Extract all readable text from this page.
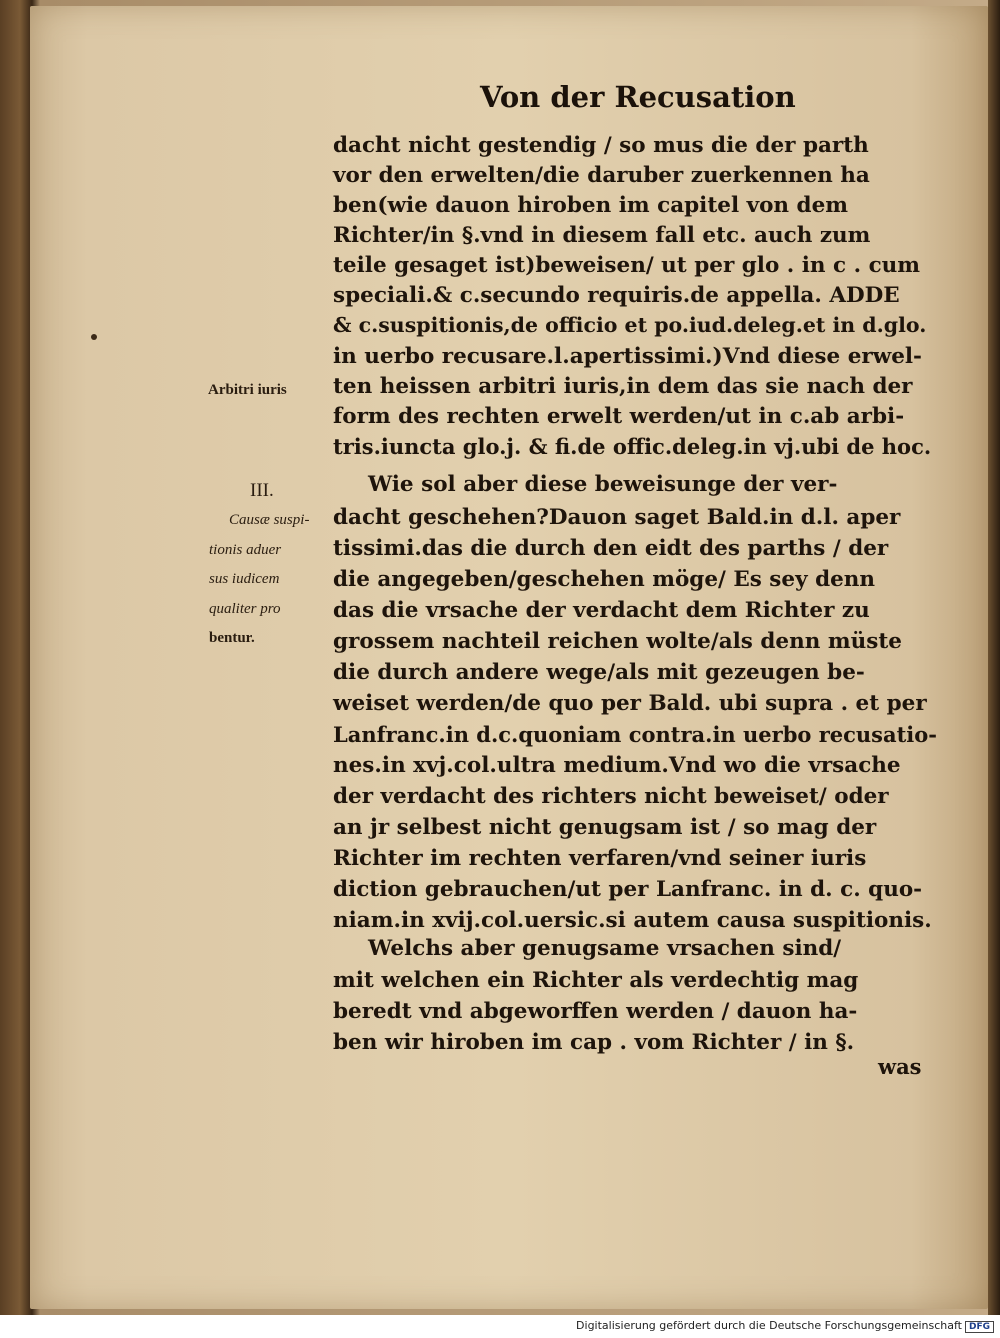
Von der Recusation
Arbitri iuris
III.
Causæ suspi-
tionis aduer
sus iudicem
qualiter pro
bentur.
dacht nicht gestendig / so mus die der parth
vor den erwelten/die daruber zuerkennen ha
ben(wie dauon hiroben im capitel von dem
Richter/in §.vnd in diesem fall etc. auch zum
teile gesaget ist)beweisen/ ut per glo . in c . cum
speciali.& c.secundo requiris.de appella. ADDE
& c.suspitionis,de officio et po.iud.deleg.et in d.glo.
in uerbo recusare.l.apertissimi.)Vnd diese erwel-
ten heissen arbitri iuris,in dem das sie nach der
form des rechten erwelt werden/ut in c.ab arbi-
tris.iuncta glo.j. & fi.de offic.deleg.in vj.ubi de hoc.
Wie sol aber diese beweisunge der ver-
dacht geschehen?Dauon saget Bald.in d.l. aper
tissimi.das die durch den eidt des parths / der
die angegeben/geschehen möge/ Es sey denn
das die vrsache der verdacht dem Richter zu
grossem nachteil reichen wolte/als denn müste
die durch andere wege/als mit gezeugen be-
weiset werden/de quo per Bald. ubi supra . et per
Lanfranc.in d.c.quoniam contra.in uerbo recusatio-
nes.in xvj.col.ultra medium.Vnd wo die vrsache
der verdacht des richters nicht beweiset/ oder
an jr selbest nicht genugsam ist / so mag der
Richter im rechten verfaren/vnd seiner iuris
diction gebrauchen/ut per Lanfranc. in d. c. quo-
niam.in xvij.col.uersic.si autem causa suspitionis.
Welchs aber genugsame vrsachen sind/
mit welchen ein Richter als verdechtig mag
beredt vnd abgeworffen werden / dauon ha-
ben wir hiroben im cap . vom Richter / in §.
was
Digitalisierung gefördert durch die Deutsche Forschungsgemeinschaft DFG
